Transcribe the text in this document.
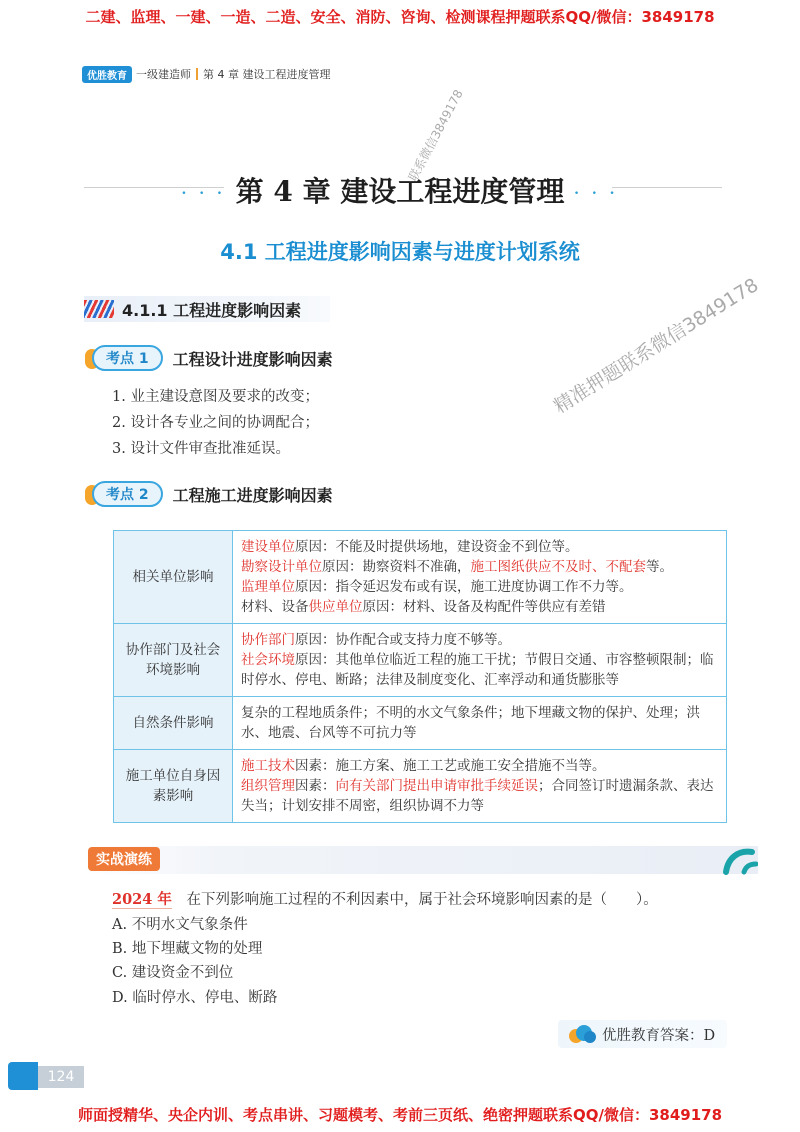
二建、监理、一建、一造、二造、安全、消防、咨询、检测课程押题联系QQ/微信：3849178
优胜教育 一级建造师 第 4 章 建设工程进度管理
联系微信3849178
精准押题联系微信3849178
· · · 第 4 章 建设工程进度管理 · · ·
4.1 工程进度影响因素与进度计划系统
4.1.1 工程进度影响因素
考点 1	工程设计进度影响因素
1. 业主建设意图及要求的改变；
2. 设计各专业之间的协调配合；
3. 设计文件审查批准延误。
考点 2	工程施工进度影响因素
相关单位影响	建设单位原因：不能及时提供场地，建设资金不到位等。
勘察设计单位原因：勘察资料不准确，施工图纸供应不及时、不配套等。
监理单位原因：指令延迟发布或有误，施工进度协调工作不力等。
材料、设备供应单位原因：材料、设备及构配件等供应有差错

协作部门及社会环境影响	协作部门原因：协作配合或支持力度不够等。
社会环境原因：其他单位临近工程的施工干扰；节假日交通、市容整顿限制；临时停水、停电、断路；法律及制度变化、汇率浮动和通货膨胀等

自然条件影响	复杂的工程地质条件；不明的水文气象条件；地下埋藏文物的保护、处理；洪水、地震、台风等不可抗力等

施工单位自身因素影响	施工技术因素：施工方案、施工工艺或施工安全措施不当等。
组织管理因素：向有关部门提出申请审批手续延误；合同签订时遗漏条款、表达失当；计划安排不周密，组织协调不力等
实战演练
2024 年 在下列影响施工过程的不利因素中，属于社会环境影响因素的是（　　）。
A. 不明水文气象条件
B. 地下埋藏文物的处理
C. 建设资金不到位
D. 临时停水、停电、断路
优胜教育答案：D
124
师面授精华、央企内训、考点串讲、习题模考、考前三页纸、绝密押题联系QQ/微信：3849178
